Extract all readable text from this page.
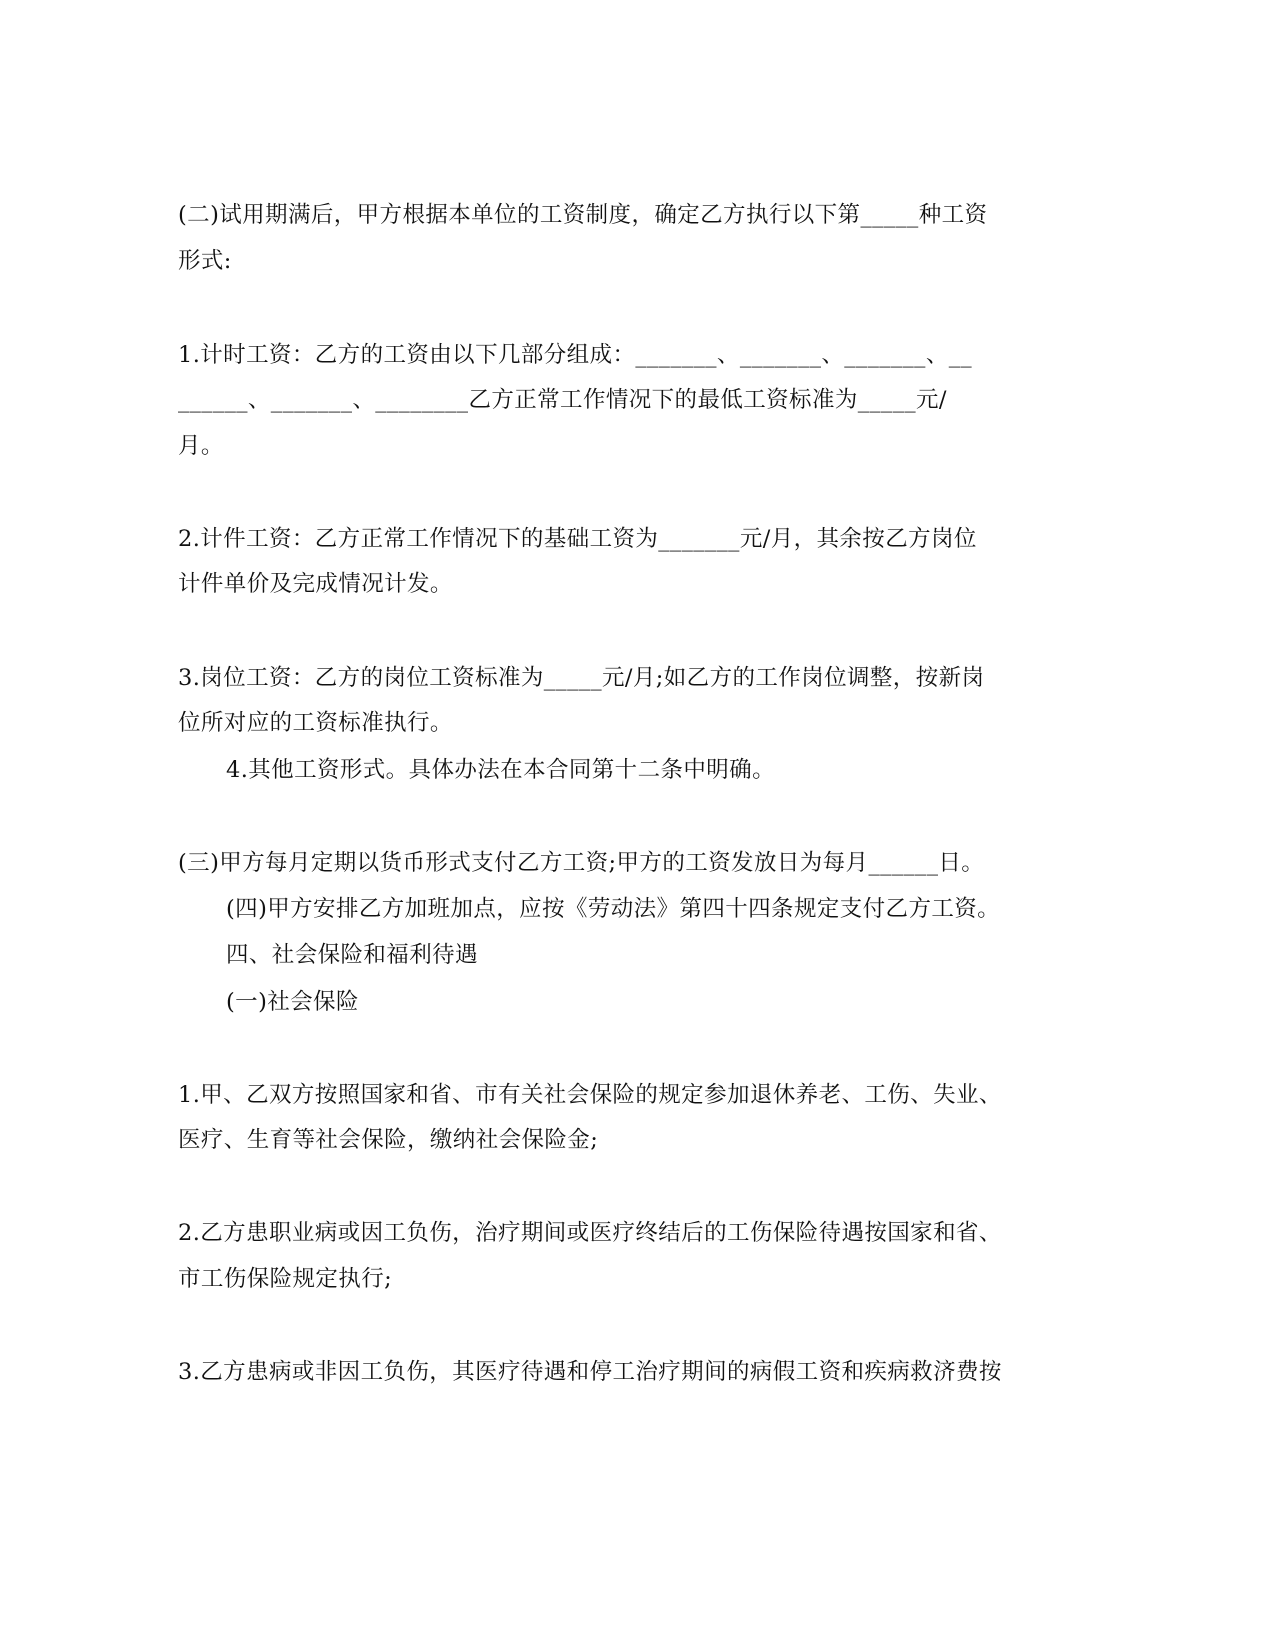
(二)试用期满后，甲方根据本单位的工资制度，确定乙方执行以下第_____种工资
形式:
1.计时工资：乙方的工资由以下几部分组成：_______、_______、_______、__
______、_______、________乙方正常工作情况下的最低工资标准为_____元/
月。
2.计件工资：乙方正常工作情况下的基础工资为_______元/月，其余按乙方岗位
计件单价及完成情况计发。
3.岗位工资：乙方的岗位工资标准为_____元/月;如乙方的工作岗位调整，按新岗
位所对应的工资标准执行。
4.其他工资形式。具体办法在本合同第十二条中明确。
(三)甲方每月定期以货币形式支付乙方工资;甲方的工资发放日为每月______日。
(四)甲方安排乙方加班加点，应按《劳动法》第四十四条规定支付乙方工资。
四、社会保险和福利待遇
(一)社会保险
1.甲、乙双方按照国家和省、市有关社会保险的规定参加退休养老、工伤、失业、
医疗、生育等社会保险，缴纳社会保险金;
2.乙方患职业病或因工负伤，治疗期间或医疗终结后的工伤保险待遇按国家和省、
市工伤保险规定执行;
3.乙方患病或非因工负伤，其医疗待遇和停工治疗期间的病假工资和疾病救济费按
